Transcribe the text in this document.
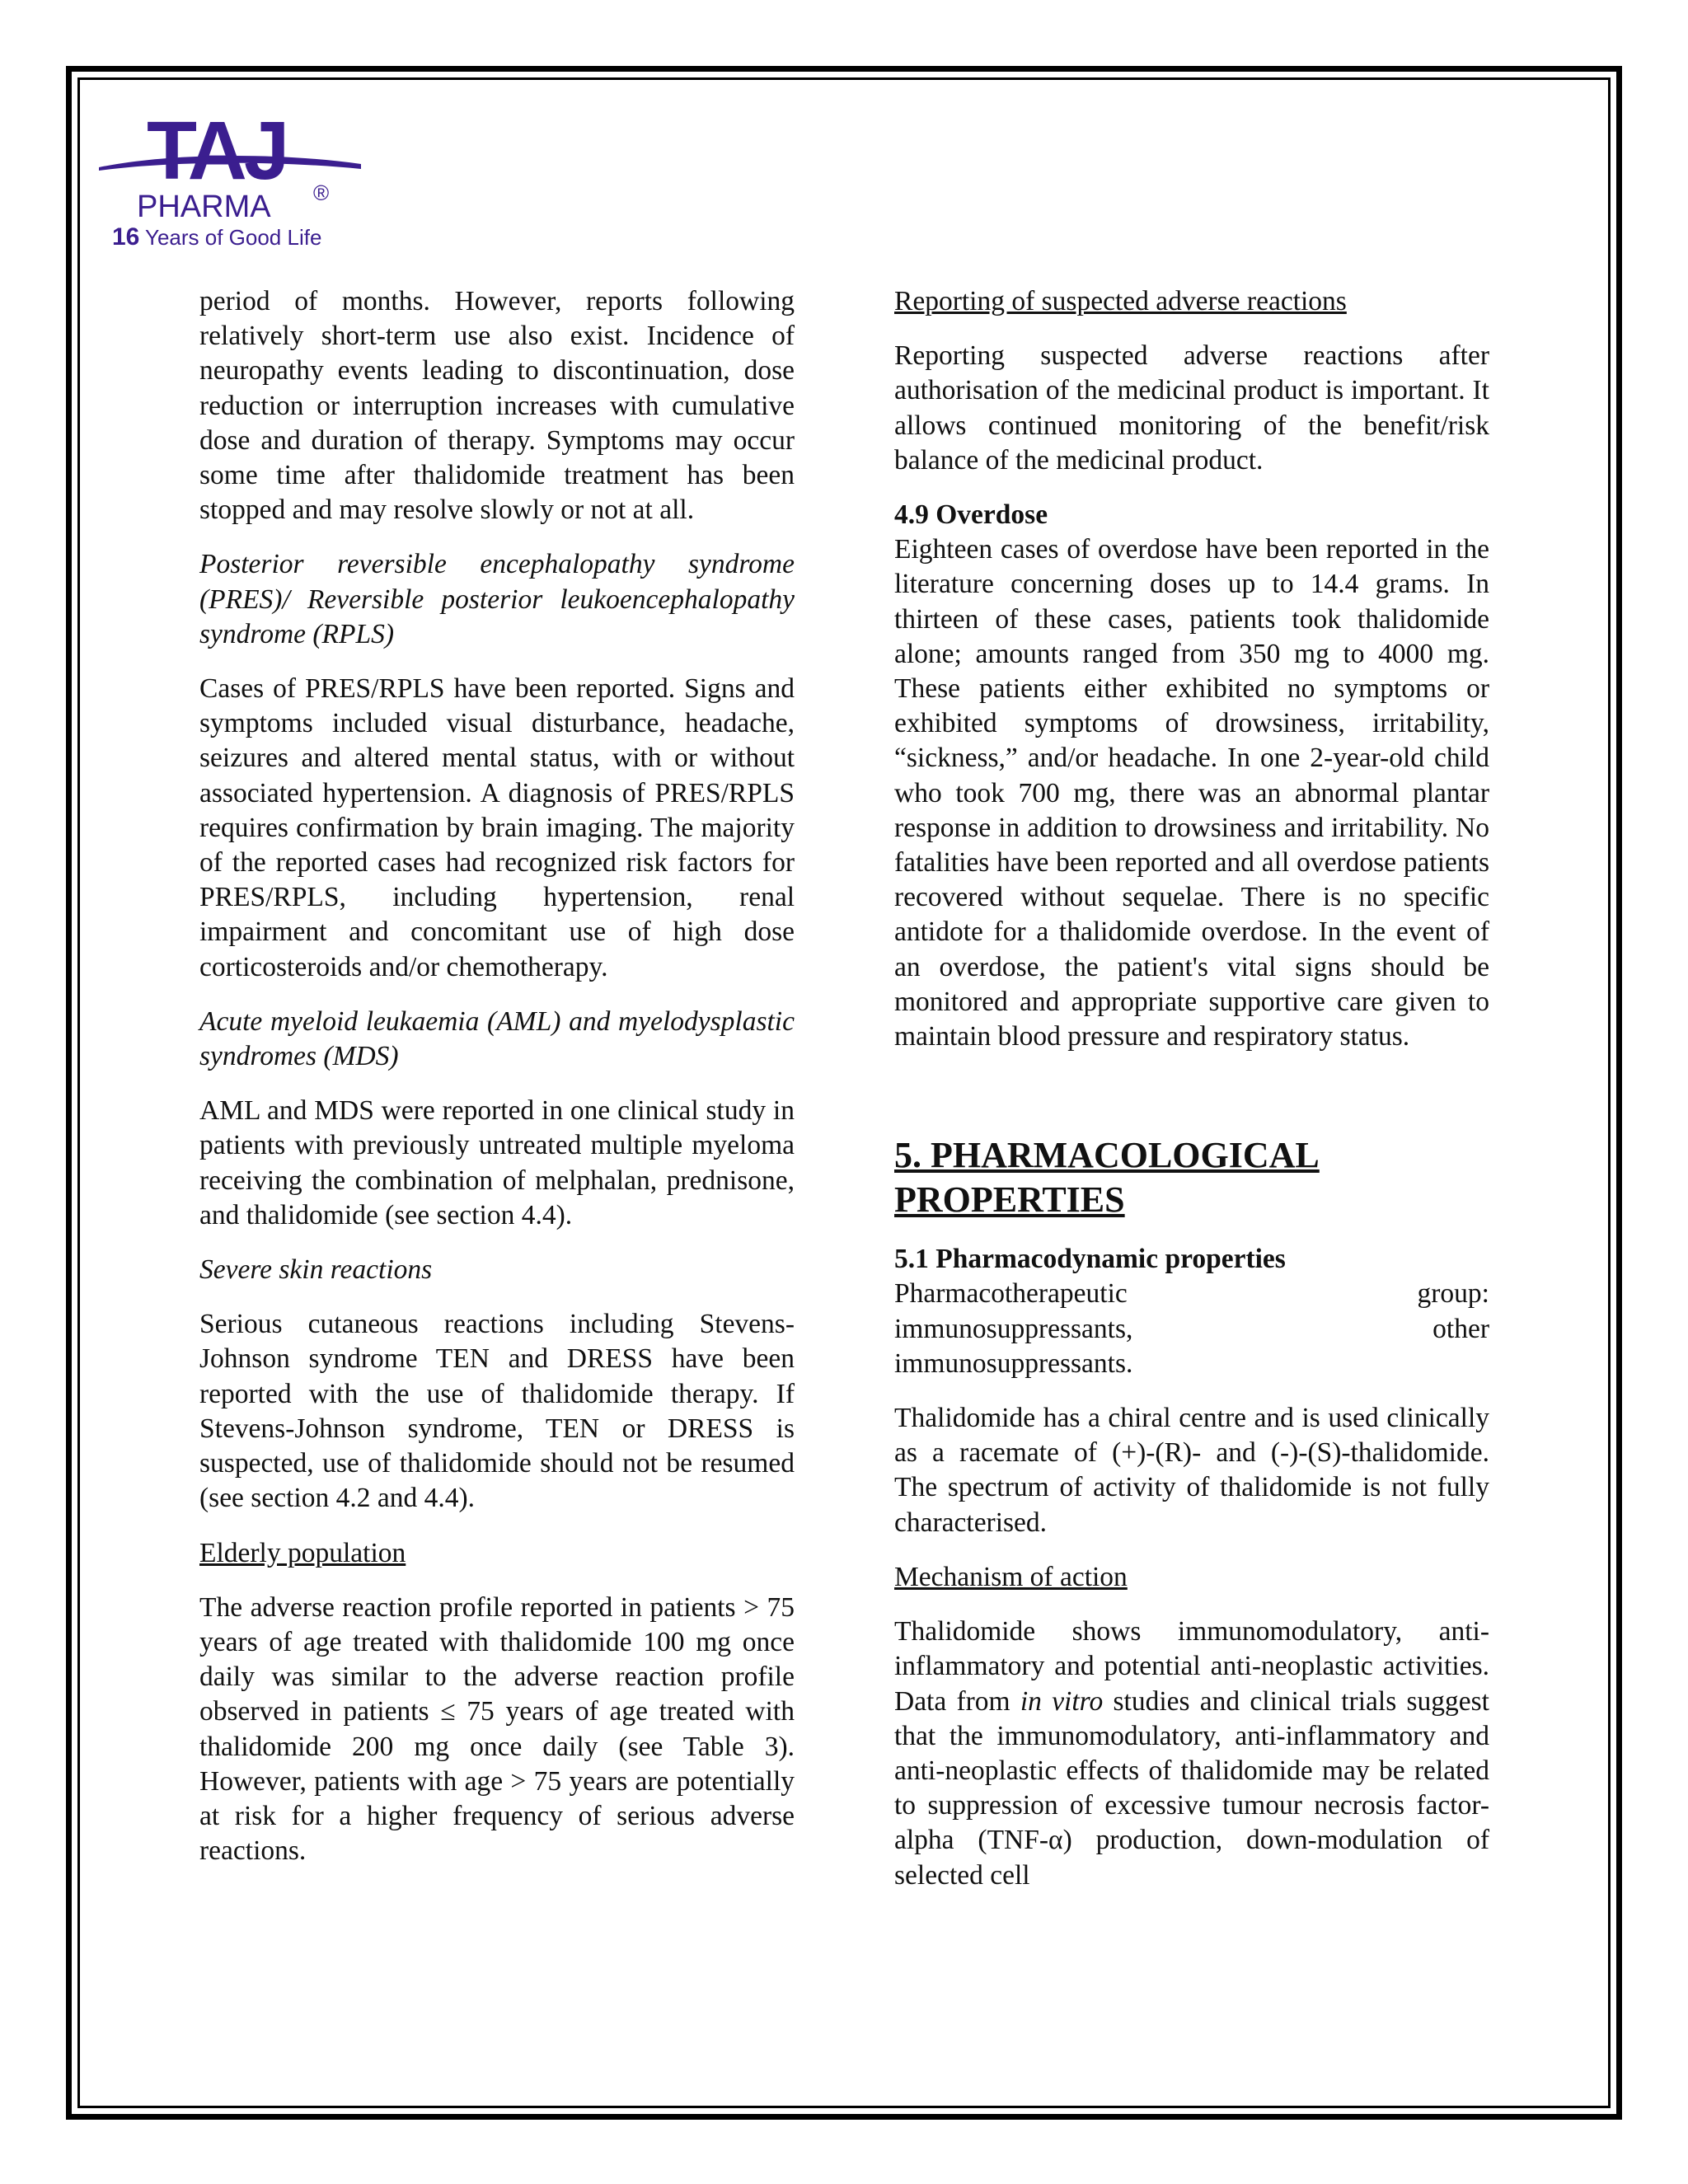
TAJ
PHARMA ®
16 Years of Good Life

period of months. However, reports following relatively short-term use also exist. Incidence of neuropathy events leading to discontinuation, dose reduction or interruption increases with cumulative dose and duration of therapy. Symptoms may occur some time after thalidomide treatment has been stopped and may resolve slowly or not at all.

Posterior reversible encephalopathy syndrome (PRES)/ Reversible posterior leukoencephalopathy syndrome (RPLS)

Cases of PRES/RPLS have been reported. Signs and symptoms included visual disturbance, headache, seizures and altered mental status, with or without associated hypertension. A diagnosis of PRES/RPLS requires confirmation by brain imaging. The majority of the reported cases had recognized risk factors for PRES/RPLS, including hypertension, renal impairment and concomitant use of high dose corticosteroids and/or chemotherapy.

Acute myeloid leukaemia (AML) and myelodysplastic syndromes (MDS)

AML and MDS were reported in one clinical study in patients with previously untreated multiple myeloma receiving the combination of melphalan, prednisone, and thalidomide (see section 4.4).

Severe skin reactions

Serious cutaneous reactions including Stevens-Johnson syndrome TEN and DRESS have been reported with the use of thalidomide therapy. If Stevens-Johnson syndrome, TEN or DRESS is suspected, use of thalidomide should not be resumed (see section 4.2 and 4.4).

Elderly population

The adverse reaction profile reported in patients > 75 years of age treated with thalidomide 100 mg once daily was similar to the adverse reaction profile observed in patients ≤ 75 years of age treated with thalidomide 200 mg once daily (see Table 3). However, patients with age > 75 years are potentially at risk for a higher frequency of serious adverse reactions.

Reporting of suspected adverse reactions

Reporting suspected adverse reactions after authorisation of the medicinal product is important. It allows continued monitoring of the benefit/risk balance of the medicinal product.

4.9 Overdose

Eighteen cases of overdose have been reported in the literature concerning doses up to 14.4 grams. In thirteen of these cases, patients took thalidomide alone; amounts ranged from 350 mg to 4000 mg. These patients either exhibited no symptoms or exhibited symptoms of drowsiness, irritability, “sickness,” and/or headache. In one 2-year-old child who took 700 mg, there was an abnormal plantar response in addition to drowsiness and irritability. No fatalities have been reported and all overdose patients recovered without sequelae. There is no specific antidote for a thalidomide overdose. In the event of an overdose, the patient's vital signs should be monitored and appropriate supportive care given to maintain blood pressure and respiratory status.

5. PHARMACOLOGICAL
PROPERTIES

5.1 Pharmacodynamic properties

Pharmacotherapeutic	group:
immunosuppressants,	other
immunosuppressants.

Thalidomide has a chiral centre and is used clinically as a racemate of (+)-(R)- and (-)-(S)-thalidomide. The spectrum of activity of thalidomide is not fully characterised.

Mechanism of action

Thalidomide shows immunomodulatory, anti-inflammatory and potential anti-neoplastic activities. Data from in vitro studies and clinical trials suggest that the immunomodulatory, anti-inflammatory and anti-neoplastic effects of thalidomide may be related to suppression of excessive tumour necrosis factor-alpha (TNF-α) production, down-modulation of selected cell
